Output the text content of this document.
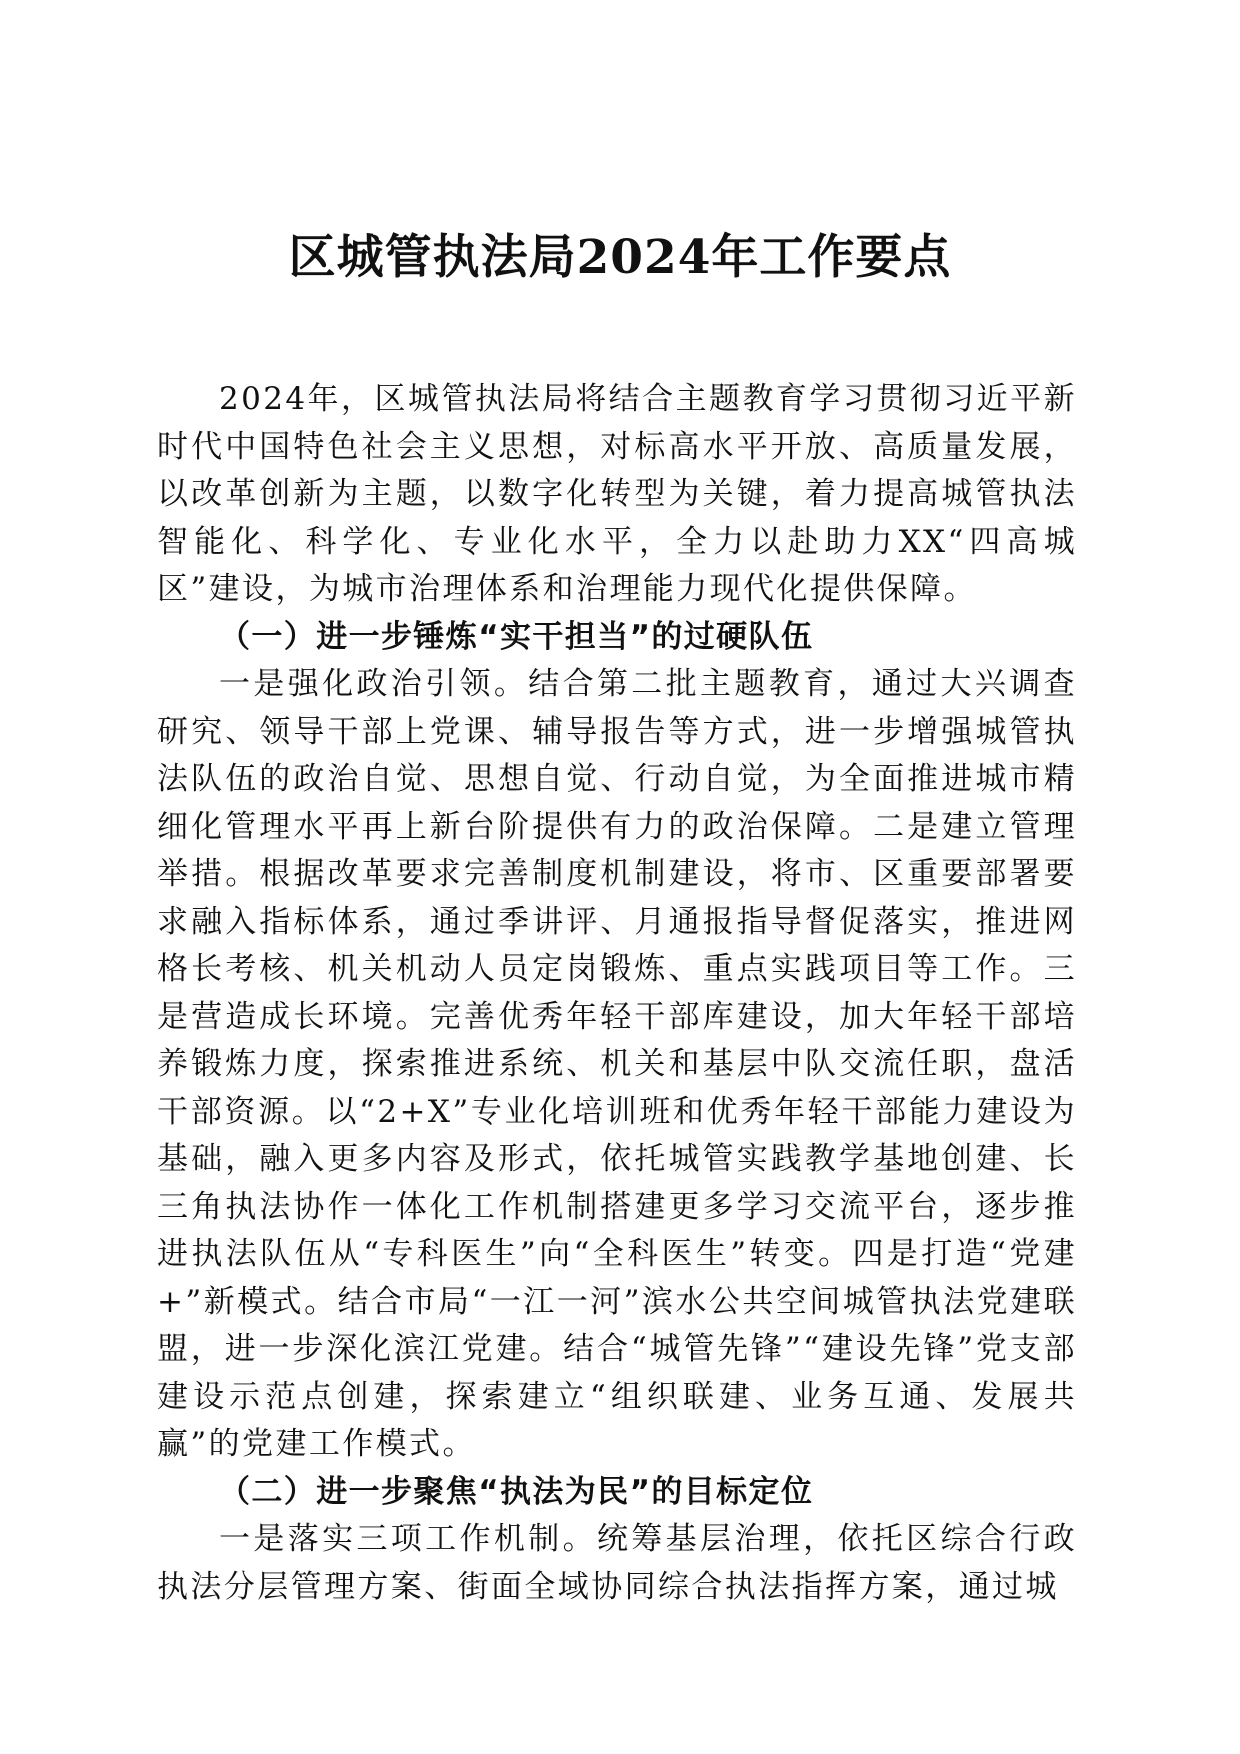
区城管执法局2024年工作要点

2024年，区城管执法局将结合主题教育学习贯彻习近平新时代中国特色社会主义思想，对标高水平开放、高质量发展，以改革创新为主题，以数字化转型为关键，着力提高城管执法智能化、科学化、专业化水平，全力以赴助力XX“四高城区”建设，为城市治理体系和治理能力现代化提供保障。

（一）进一步锤炼“实干担当”的过硬队伍

一是强化政治引领。结合第二批主题教育，通过大兴调查研究、领导干部上党课、辅导报告等方式，进一步增强城管执法队伍的政治自觉、思想自觉、行动自觉，为全面推进城市精细化管理水平再上新台阶提供有力的政治保障。二是建立管理举措。根据改革要求完善制度机制建设，将市、区重要部署要求融入指标体系，通过季讲评、月通报指导督促落实，推进网格长考核、机关机动人员定岗锻炼、重点实践项目等工作。三是营造成长环境。完善优秀年轻干部库建设，加大年轻干部培养锻炼力度，探索推进系统、机关和基层中队交流任职，盘活干部资源。以“2+X”专业化培训班和优秀年轻干部能力建设为基础，融入更多内容及形式，依托城管实践教学基地创建、长三角执法协作一体化工作机制搭建更多学习交流平台，逐步推进执法队伍从“专科医生”向“全科医生”转变。四是打造“党建+”新模式。结合市局“一江一河”滨水公共空间城管执法党建联盟，进一步深化滨江党建。结合“城管先锋”“建设先锋”党支部建设示范点创建，探索建立“组织联建、业务互通、发展共赢”的党建工作模式。

（二）进一步聚焦“执法为民”的目标定位

一是落实三项工作机制。统筹基层治理，依托区综合行政执法分层管理方案、街面全域协同综合执法指挥方案，通过城
